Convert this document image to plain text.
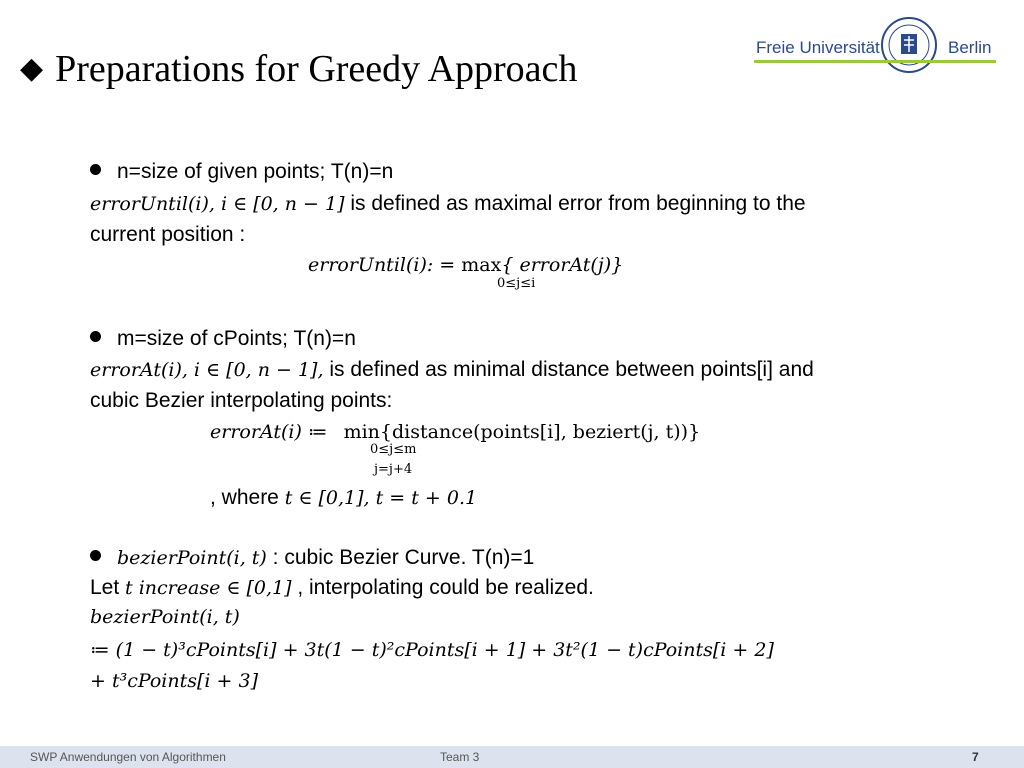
◆ Preparations for Greedy Approach
Freie Universität	Berlin
n=size of given points; T(n)=n
errorUntil(i), i ∈ [0, n − 1] is defined as maximal error from beginning to the
current position :
errorUntil(i): = max{ errorAt(j)}
0≤j≤i
m=size of cPoints; T(n)=n
errorAt(i), i ∈ [0, n − 1], is defined as minimal distance between points[i] and
cubic Bezier interpolating points:
errorAt(i) ≔ min{distance(points[i], beziert(j, t))}
0≤j≤m
j=j+4
, where t ∈ [0,1], t = t + 0.1
bezierPoint(i, t) : cubic Bezier Curve. T(n)=1
Let t increase ∈ [0,1] , interpolating could be realized.
bezierPoint(i, t)
≔ (1 − t)³cPoints[i] + 3t(1 − t)²cPoints[i + 1] + 3t²(1 − t)cPoints[i + 2]
+ t³cPoints[i + 3]
SWP Anwendungen von Algorithmen	Team 3	7
